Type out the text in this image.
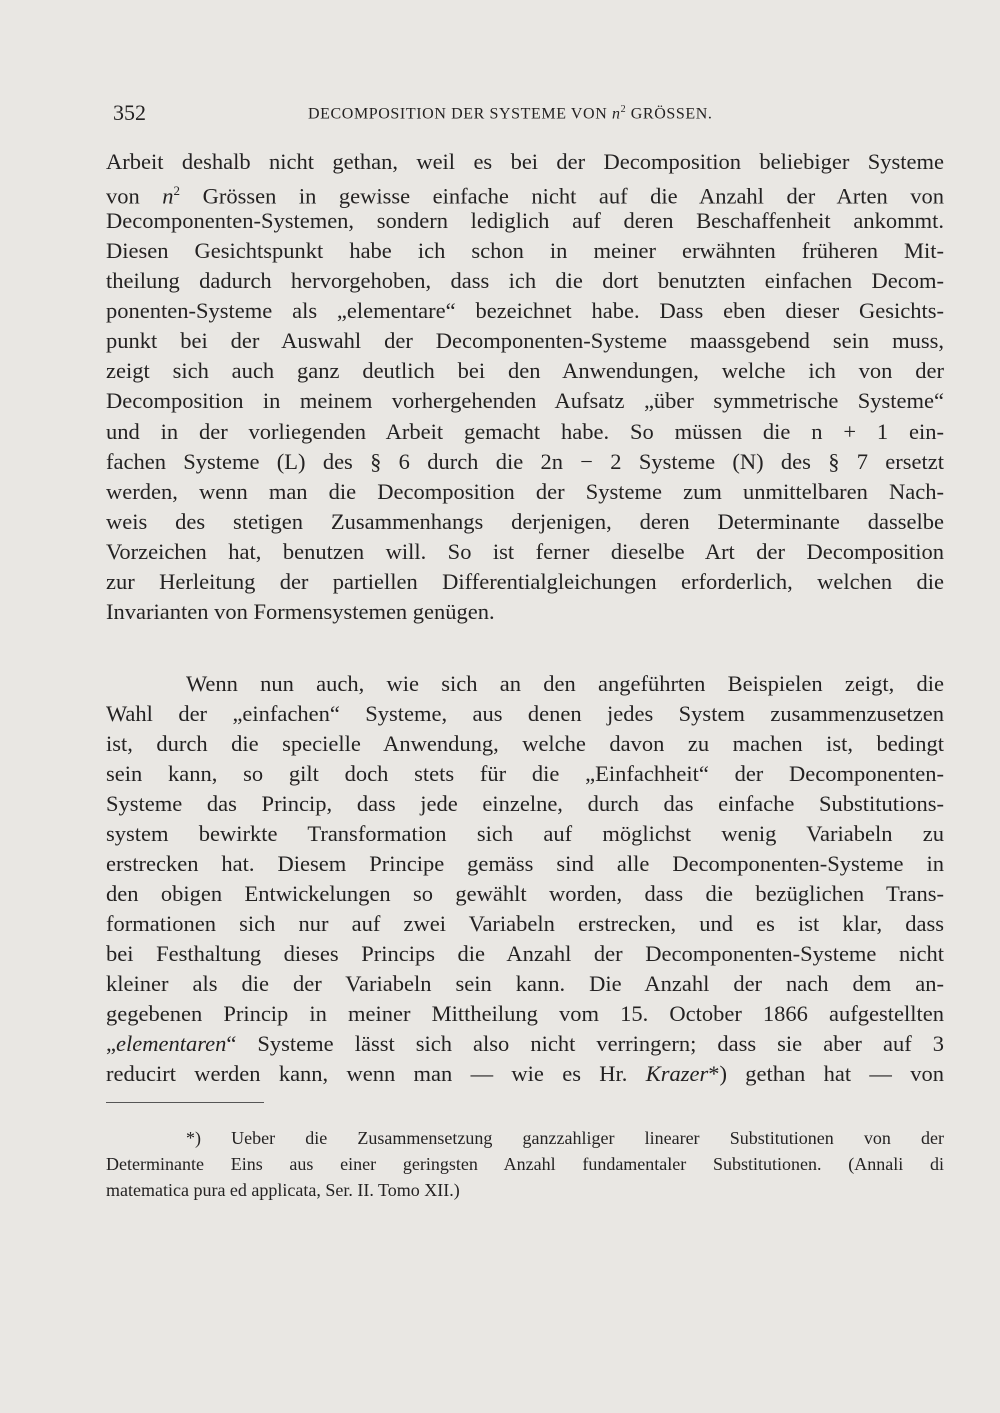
352	DECOMPOSITION DER SYSTEME VON $n^2$ GRÖSSEN.
Arbeit deshalb nicht gethan, weil es bei der Decomposition beliebiger Systeme
von $n^2$ Grössen in gewisse einfache nicht auf die Anzahl der Arten von
Decomponenten-Systemen, sondern lediglich auf deren Beschaffenheit ankommt.
Diesen Gesichtspunkt habe ich schon in meiner erwähnten früheren Mit-
theilung dadurch hervorgehoben, dass ich die dort benutzten einfachen Decom-
ponenten-Systeme als „elementare“ bezeichnet habe. Dass eben dieser Gesichts-
punkt bei der Auswahl der Decomponenten-Systeme maassgebend sein muss,
zeigt sich auch ganz deutlich bei den Anwendungen, welche ich von der
Decomposition in meinem vorhergehenden Aufsatz „über symmetrische Systeme“
und in der vorliegenden Arbeit gemacht habe. So müssen die n + 1 ein-
fachen Systeme (L) des § 6 durch die 2n − 2 Systeme (N) des § 7 ersetzt
werden, wenn man die Decomposition der Systeme zum unmittelbaren Nach-
weis des stetigen Zusammenhangs derjenigen, deren Determinante dasselbe
Vorzeichen hat, benutzen will. So ist ferner dieselbe Art der Decomposition
zur Herleitung der partiellen Differentialgleichungen erforderlich, welchen die
Invarianten von Formensystemen genügen.
Wenn nun auch, wie sich an den angeführten Beispielen zeigt, die
Wahl der „einfachen“ Systeme, aus denen jedes System zusammenzusetzen
ist, durch die specielle Anwendung, welche davon zu machen ist, bedingt
sein kann, so gilt doch stets für die „Einfachheit“ der Decomponenten-
Systeme das Princip, dass jede einzelne, durch das einfache Substitutions-
system bewirkte Transformation sich auf möglichst wenig Variabeln zu
erstrecken hat. Diesem Principe gemäss sind alle Decomponenten-Systeme in
den obigen Entwickelungen so gewählt worden, dass die bezüglichen Trans-
formationen sich nur auf zwei Variabeln erstrecken, und es ist klar, dass
bei Festhaltung dieses Princips die Anzahl der Decomponenten-Systeme nicht
kleiner als die der Variabeln sein kann. Die Anzahl der nach dem an-
gegebenen Princip in meiner Mittheilung vom 15. October 1866 aufgestellten
„elementaren“ Systeme lässt sich also nicht verringern; dass sie aber auf 3
reducirt werden kann, wenn man — wie es Hr. Krazer*) gethan hat — von
*) Ueber die Zusammensetzung ganzzahliger linearer Substitutionen von der
Determinante Eins aus einer geringsten Anzahl fundamentaler Substitutionen. (Annali di
matematica pura ed applicata, Ser. II. Tomo XII.)
